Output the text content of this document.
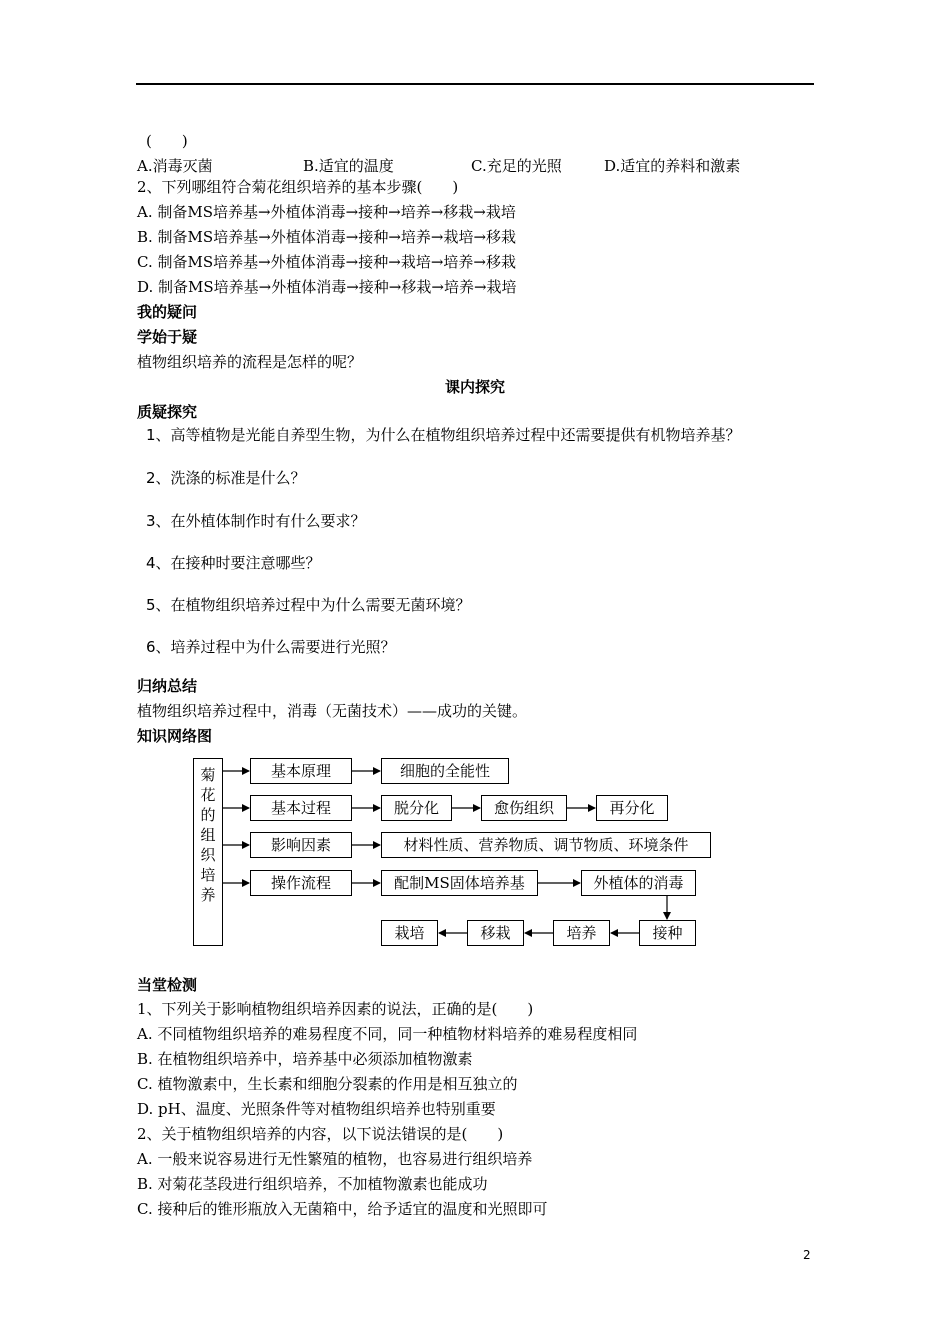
(　　)
A.消毒灭菌	B.适宜的温度	C.充足的光照	D.适宜的养料和激素
2、下列哪组符合菊花组织培养的基本步骤(　　)
A. 制备MS培养基→外植体消毒→接种→培养→移栽→栽培
B. 制备MS培养基→外植体消毒→接种→培养→栽培→移栽
C. 制备MS培养基→外植体消毒→接种→栽培→培养→移栽
D. 制备MS培养基→外植体消毒→接种→移栽→培养→栽培
我的疑问
学始于疑
植物组织培养的流程是怎样的呢？
课内探究
质疑探究
1、高等植物是光能自养型生物，为什么在植物组织培养过程中还需要提供有机物培养基？
2、洗涤的标准是什么？
3、在外植体制作时有什么要求？
4、在接种时要注意哪些？
5、在植物组织培养过程中为什么需要无菌环境？
6、培养过程中为什么需要进行光照？
归纳总结
植物组织培养过程中，消毒（无菌技术）——成功的关键。
知识网络图
菊花的组织培养
基本原理	细胞的全能性
基本过程	脱分化	愈伤组织	再分化
影响因素	材料性质、营养物质、调节物质、环境条件
操作流程	配制MS固体培养基	外植体的消毒
栽培	移栽	培养	接种
当堂检测
1、下列关于影响植物组织培养因素的说法，正确的是(　　)
A. 不同植物组织培养的难易程度不同，同一种植物材料培养的难易程度相同
B. 在植物组织培养中，培养基中必须添加植物激素
C. 植物激素中，生长素和细胞分裂素的作用是相互独立的
D. pH、温度、光照条件等对植物组织培养也特别重要
2、关于植物组织培养的内容，以下说法错误的是(　　)
A. 一般来说容易进行无性繁殖的植物，也容易进行组织培养
B. 对菊花茎段进行组织培养，不加植物激素也能成功
C. 接种后的锥形瓶放入无菌箱中，给予适宜的温度和光照即可
2
